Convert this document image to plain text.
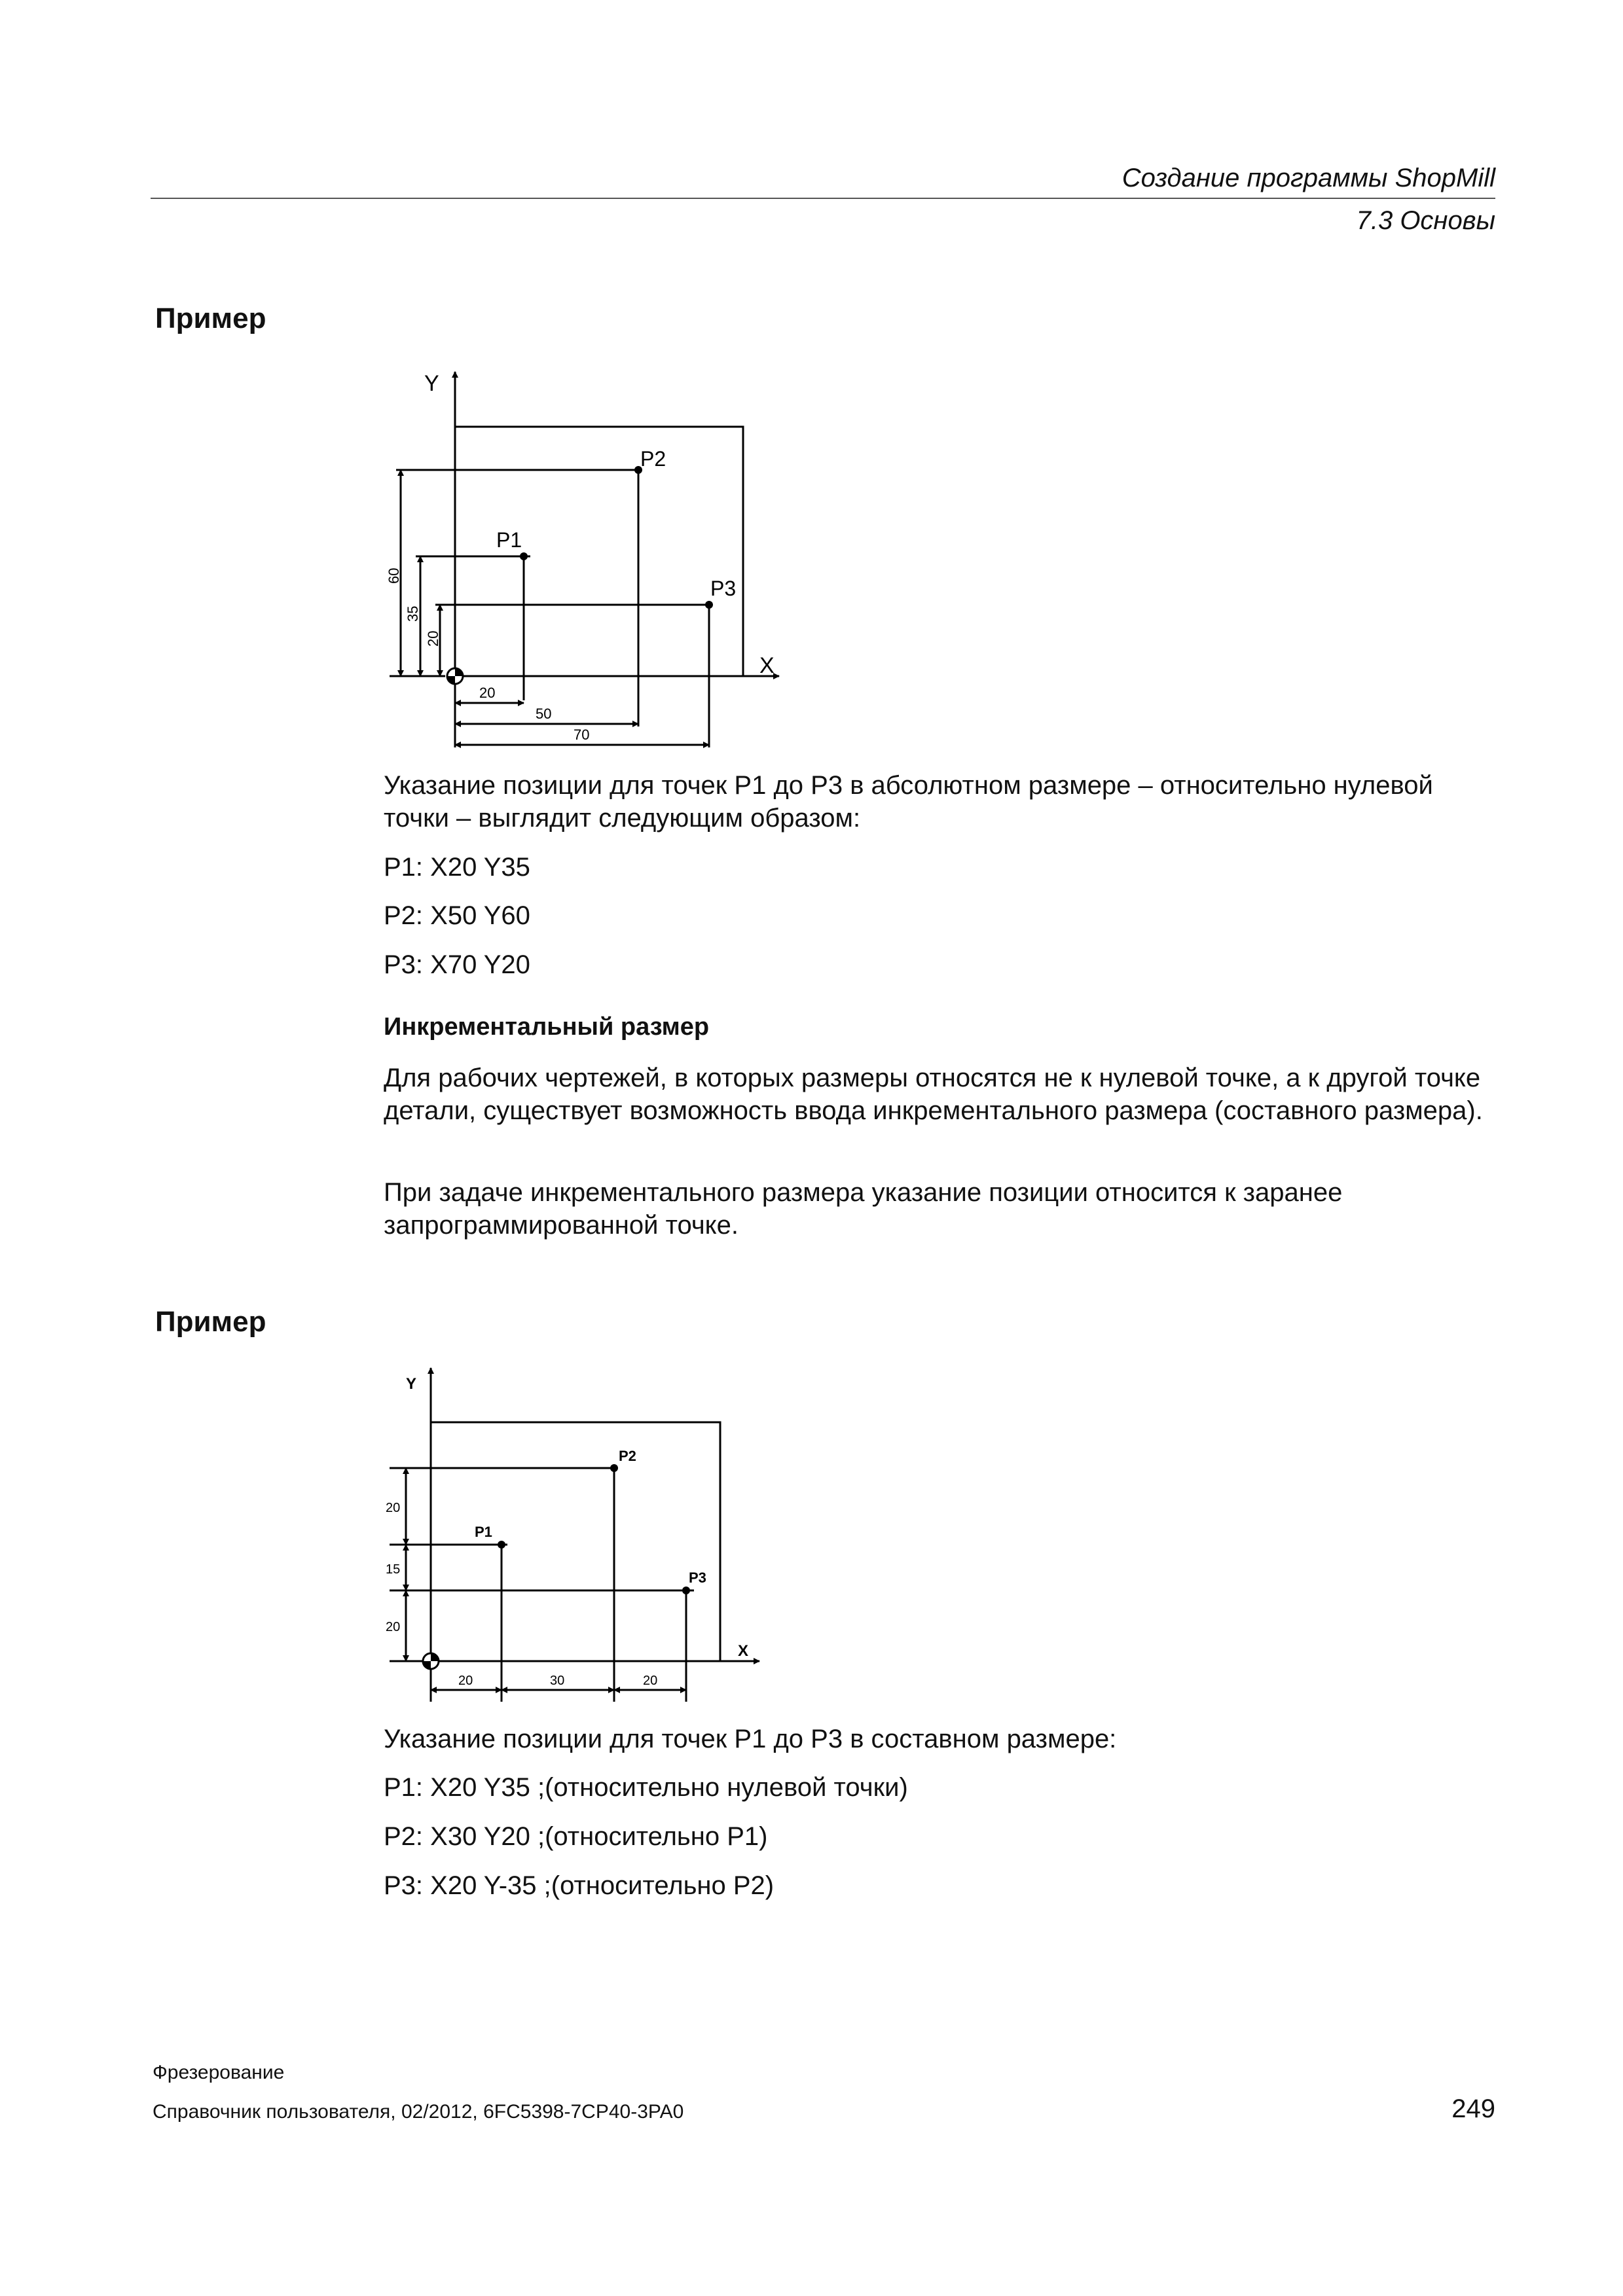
Создание программы ShopMill
7.3 Основы
Пример
Y
X
P2
P1
P3
60
35
20
20
50
70
Указание позиции для точек P1 до P3 в абсолютном размере – относительно нулевой точки – выглядит следующим образом:
P1: X20 Y35
P2: X50 Y60
P3: X70 Y20
Инкрементальный размер
Для рабочих чертежей, в которых размеры относятся не к нулевой точке, а к другой точке детали, существует возможность ввода инкрементального размера (составного размера).
При задаче инкрементального размера указание позиции относится к заранее запрограммированной точке.
Пример
Y
X
P2
P1
P3
20
15
20
20	30	20
Указание позиции для точек P1 до P3 в составном размере:
P1: X20 Y35 ;(относительно нулевой точки)
P2: X30 Y20 ;(относительно P1)
P3: X20 Y-35 ;(относительно P2)
Фрезерование
Справочник пользователя, 02/2012, 6FC5398-7CP40-3PA0	249
